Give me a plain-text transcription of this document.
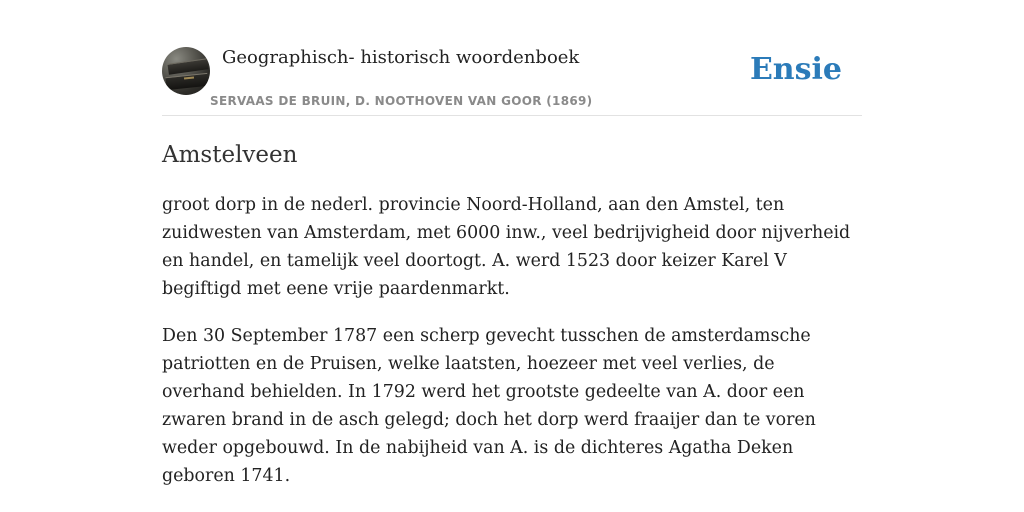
Geographisch- historisch woordenboek
SERVAAS DE BRUIN, D. NOOTHOVEN VAN GOOR (1869)
Ensie
Amstelveen

groot dorp in de nederl. provincie Noord-Holland, aan den Amstel, ten zuidwesten van Amsterdam, met 6000 inw., veel bedrijvigheid door nijverheid en handel, en tamelijk veel doortogt. A. werd 1523 door keizer Karel V begiftigd met eene vrije paardenmarkt.

Den 30 September 1787 een scherp gevecht tusschen de amsterdamsche patriotten en de Pruisen, welke laatsten, hoezeer met veel verlies, de overhand behielden. In 1792 werd het grootste gedeelte van A. door een zwaren brand in de asch gelegd; doch het dorp werd fraaijer dan te voren weder opgebouwd. In de nabijheid van A. is de dichteres Agatha Deken geboren 1741.
